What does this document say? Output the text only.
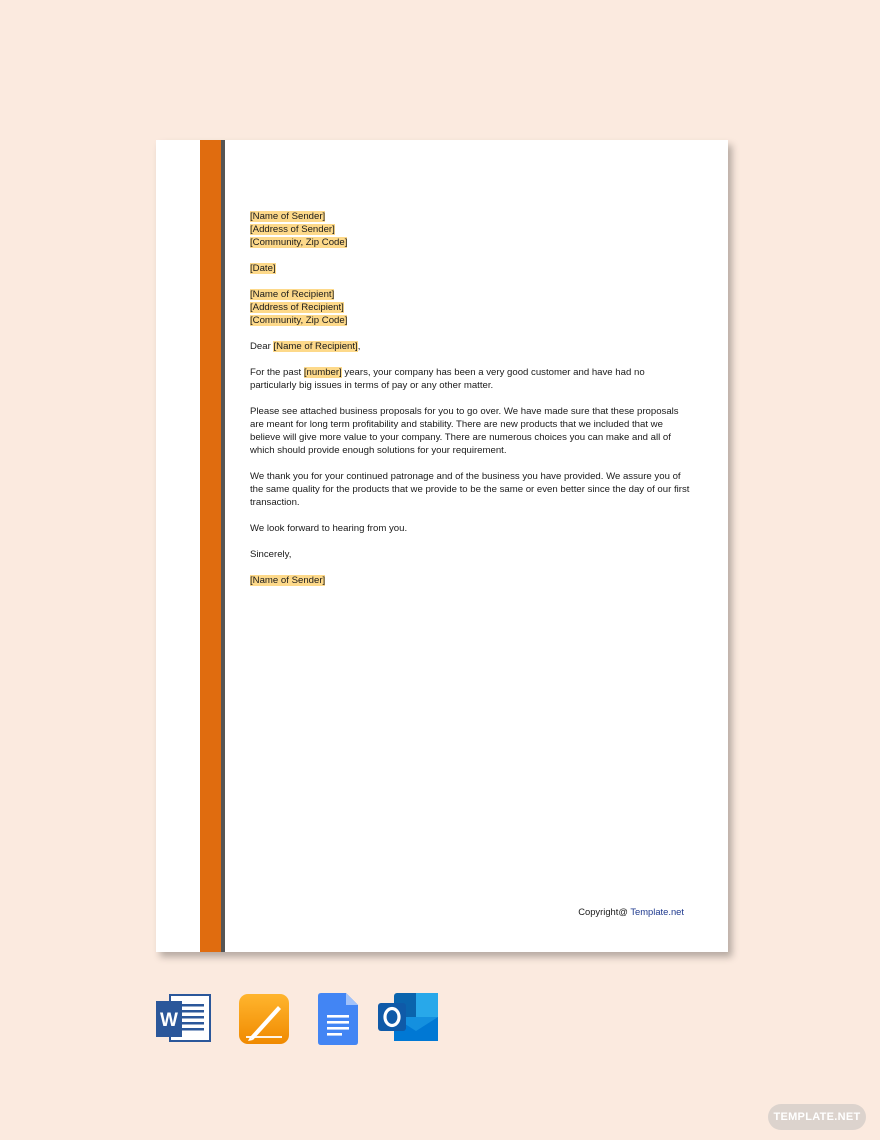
[Name of Sender]
[Address of Sender]
[Community, Zip Code]

[Date]

[Name of Recipient]
[Address of Recipient]
[Community, Zip Code]

Dear [Name of Recipient],

For the past [number] years, your company has been a very good customer and have had no particularly big issues in terms of pay or any other matter.

Please see attached business proposals for you to go over. We have made sure that these proposals are meant for long term profitability and stability. There are new products that we included that we believe will give more value to your company. There are numerous choices you can make and all of which should provide enough solutions for your requirement.

We thank you for your continued patronage and of the business you have provided. We assure you of the same quality for the products that we provide to be the same or even better since the day of our first transaction.

We look forward to hearing from you.

Sincerely,

[Name of Sender]

Copyright@ Template.net
W
TEMPLATE.NET
